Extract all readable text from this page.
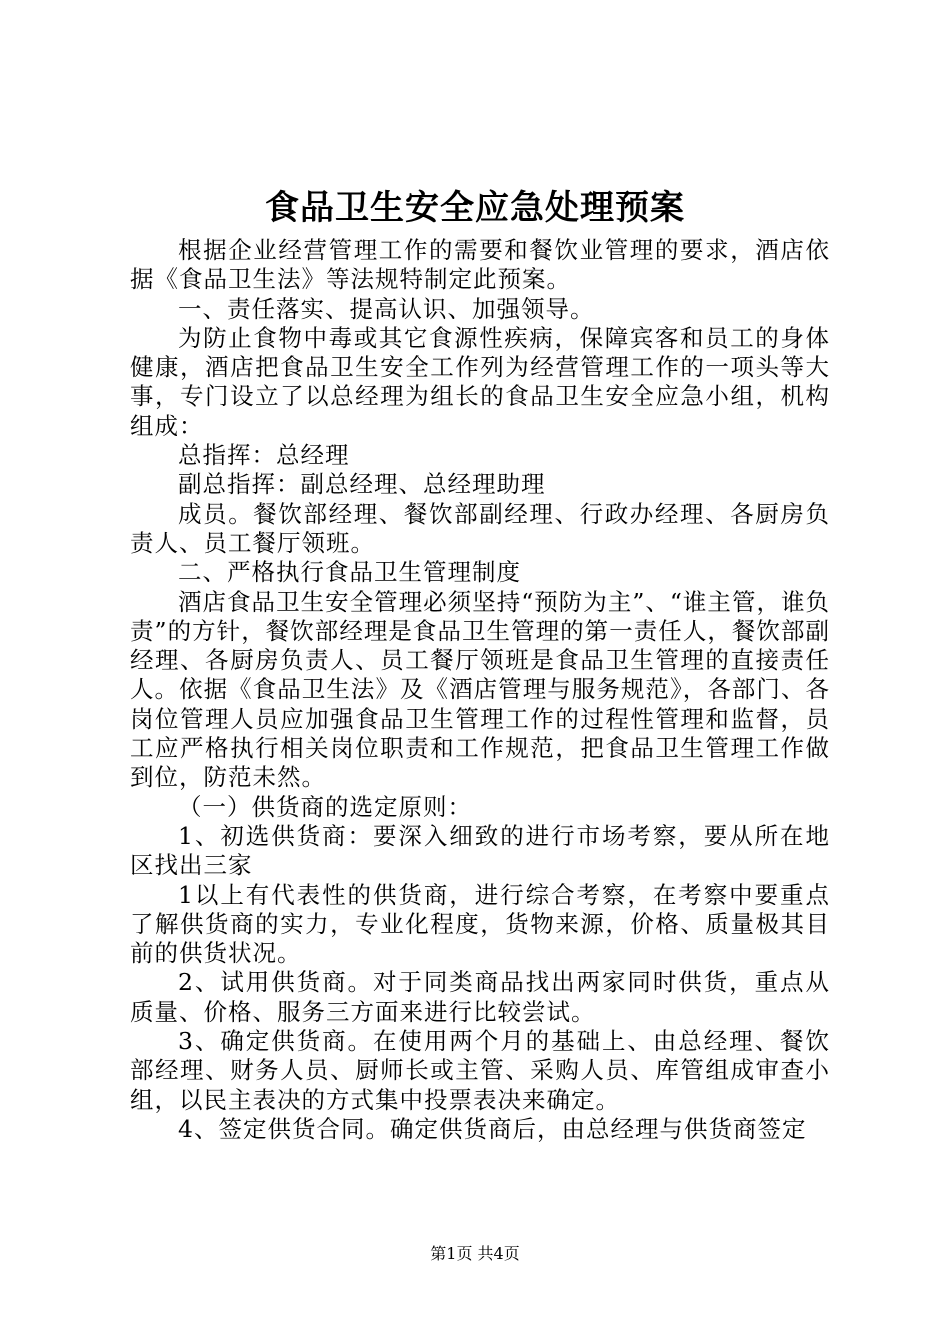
食品卫生安全应急处理预案

根据企业经营管理工作的需要和餐饮业管理的要求，酒店依据《食品卫生法》等法规特制定此预案。

一、责任落实、提高认识、加强领导。

为防止食物中毒或其它食源性疾病，保障宾客和员工的身体健康，酒店把食品卫生安全工作列为经营管理工作的一项头等大事，专门设立了以总经理为组长的食品卫生安全应急小组，机构组成：

总指挥：总经理

副总指挥：副总经理、总经理助理

成员。餐饮部经理、餐饮部副经理、行政办经理、各厨房负责人、员工餐厅领班。

二、严格执行食品卫生管理制度

酒店食品卫生安全管理必须坚持“预防为主”、“谁主管，谁负责”的方针，餐饮部经理是食品卫生管理的第一责任人，餐饮部副经理、各厨房负责人、员工餐厅领班是食品卫生管理的直接责任人。依据《食品卫生法》及《酒店管理与服务规范》，各部门、各岗位管理人员应加强食品卫生管理工作的过程性管理和监督，员工应严格执行相关岗位职责和工作规范，把食品卫生管理工作做到位，防范未然。

（一）供货商的选定原则：

1、初选供货商：要深入细致的进行市场考察，要从所在地区找出三家

1以上有代表性的供货商，进行综合考察，在考察中要重点了解供货商的实力，专业化程度，货物来源，价格、质量极其目前的供货状况。

2、试用供货商。对于同类商品找出两家同时供货，重点从质量、价格、服务三方面来进行比较尝试。

3、确定供货商。在使用两个月的基础上、由总经理、餐饮部经理、财务人员、厨师长或主管、采购人员、库管组成审查小组，以民主表决的方式集中投票表决来确定。

4、签定供货合同。确定供货商后，由总经理与供货商签定

第1页 共4页
